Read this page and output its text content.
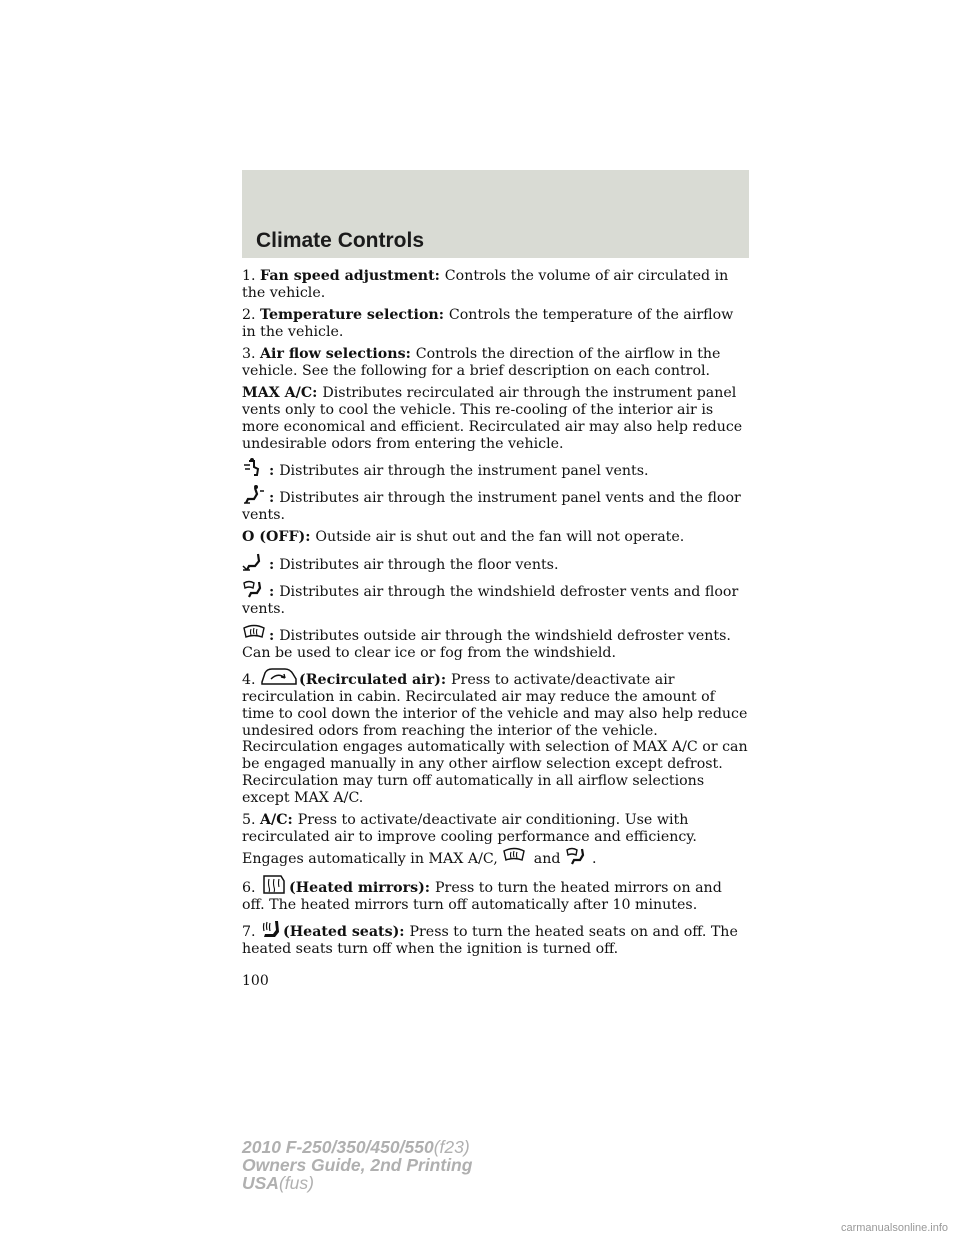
Climate Controls

1. Fan speed adjustment: Controls the volume of air circulated in the vehicle.

2. Temperature selection: Controls the temperature of the airflow in the vehicle.

3. Air flow selections: Controls the direction of the airflow in the vehicle. See the following for a brief description on each control.

MAX A/C: Distributes recirculated air through the instrument panel vents only to cool the vehicle. This re-cooling of the interior air is more economical and efficient. Recirculated air may also help reduce undesirable odors from entering the vehicle.

: Distributes air through the instrument panel vents.

: Distributes air through the instrument panel vents and the floor vents.

O (OFF): Outside air is shut out and the fan will not operate.

: Distributes air through the floor vents.

: Distributes air through the windshield defroster vents and floor vents.

: Distributes outside air through the windshield defroster vents. Can be used to clear ice or fog from the windshield.

4.	(Recirculated air): Press to activate/deactivate air recirculation in cabin. Recirculated air may reduce the amount of time to cool down the interior of the vehicle and may also help reduce undesired odors from reaching the interior of the vehicle. Recirculation engages automatically with selection of MAX A/C or can be engaged manually in any other airflow selection except defrost. Recirculation may turn off automatically in all airflow selections except MAX A/C.

5. A/C: Press to activate/deactivate air conditioning. Use with recirculated air to improve cooling performance and efficiency. Engages automatically in MAX A/C,
and
.

6.
(Heated mirrors): Press to turn the heated mirrors on and off. The heated mirrors turn off automatically after 10 minutes.

7.
(Heated seats): Press to turn the heated seats on and off. The heated seats turn off when the ignition is turned off.

100
2010 F-250/350/450/550(f23)
Owners Guide, 2nd Printing
USA(fus)
carmanualsonline.info
